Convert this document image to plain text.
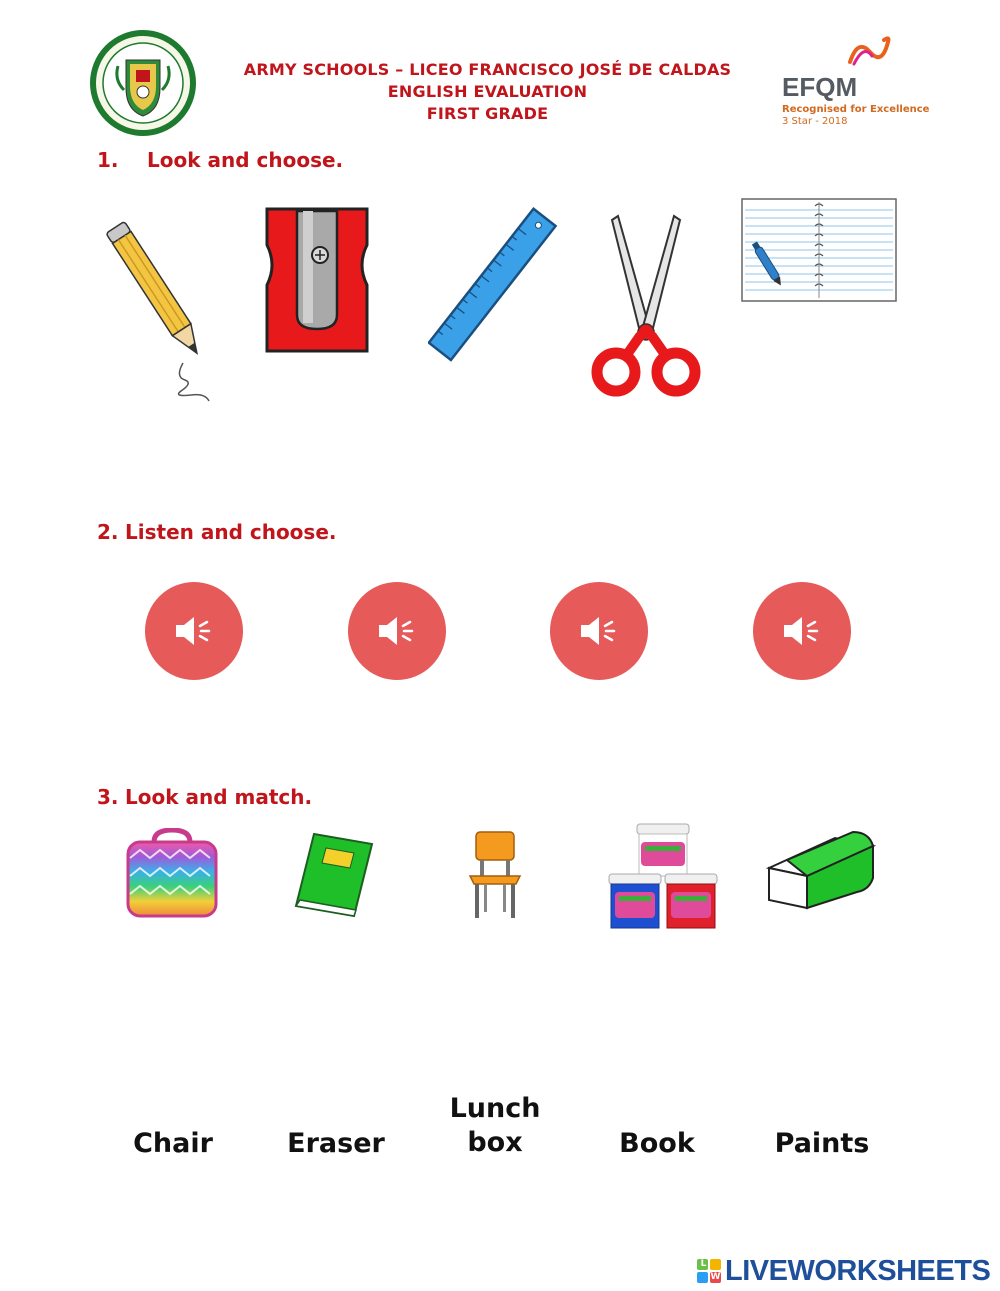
ARMY SCHOOLS – LICEO FRANCISCO JOSÉ DE CALDAS
ENGLISH EVALUATION
FIRST GRADE
EFQM
Recognised for Excellence
3 Star - 2018
1. Look and choose.
2. Listen and choose.
3. Look and match.
Chair	Eraser
Lunch
box	Book	Paints
L
W LIVEWORKSHEETS
